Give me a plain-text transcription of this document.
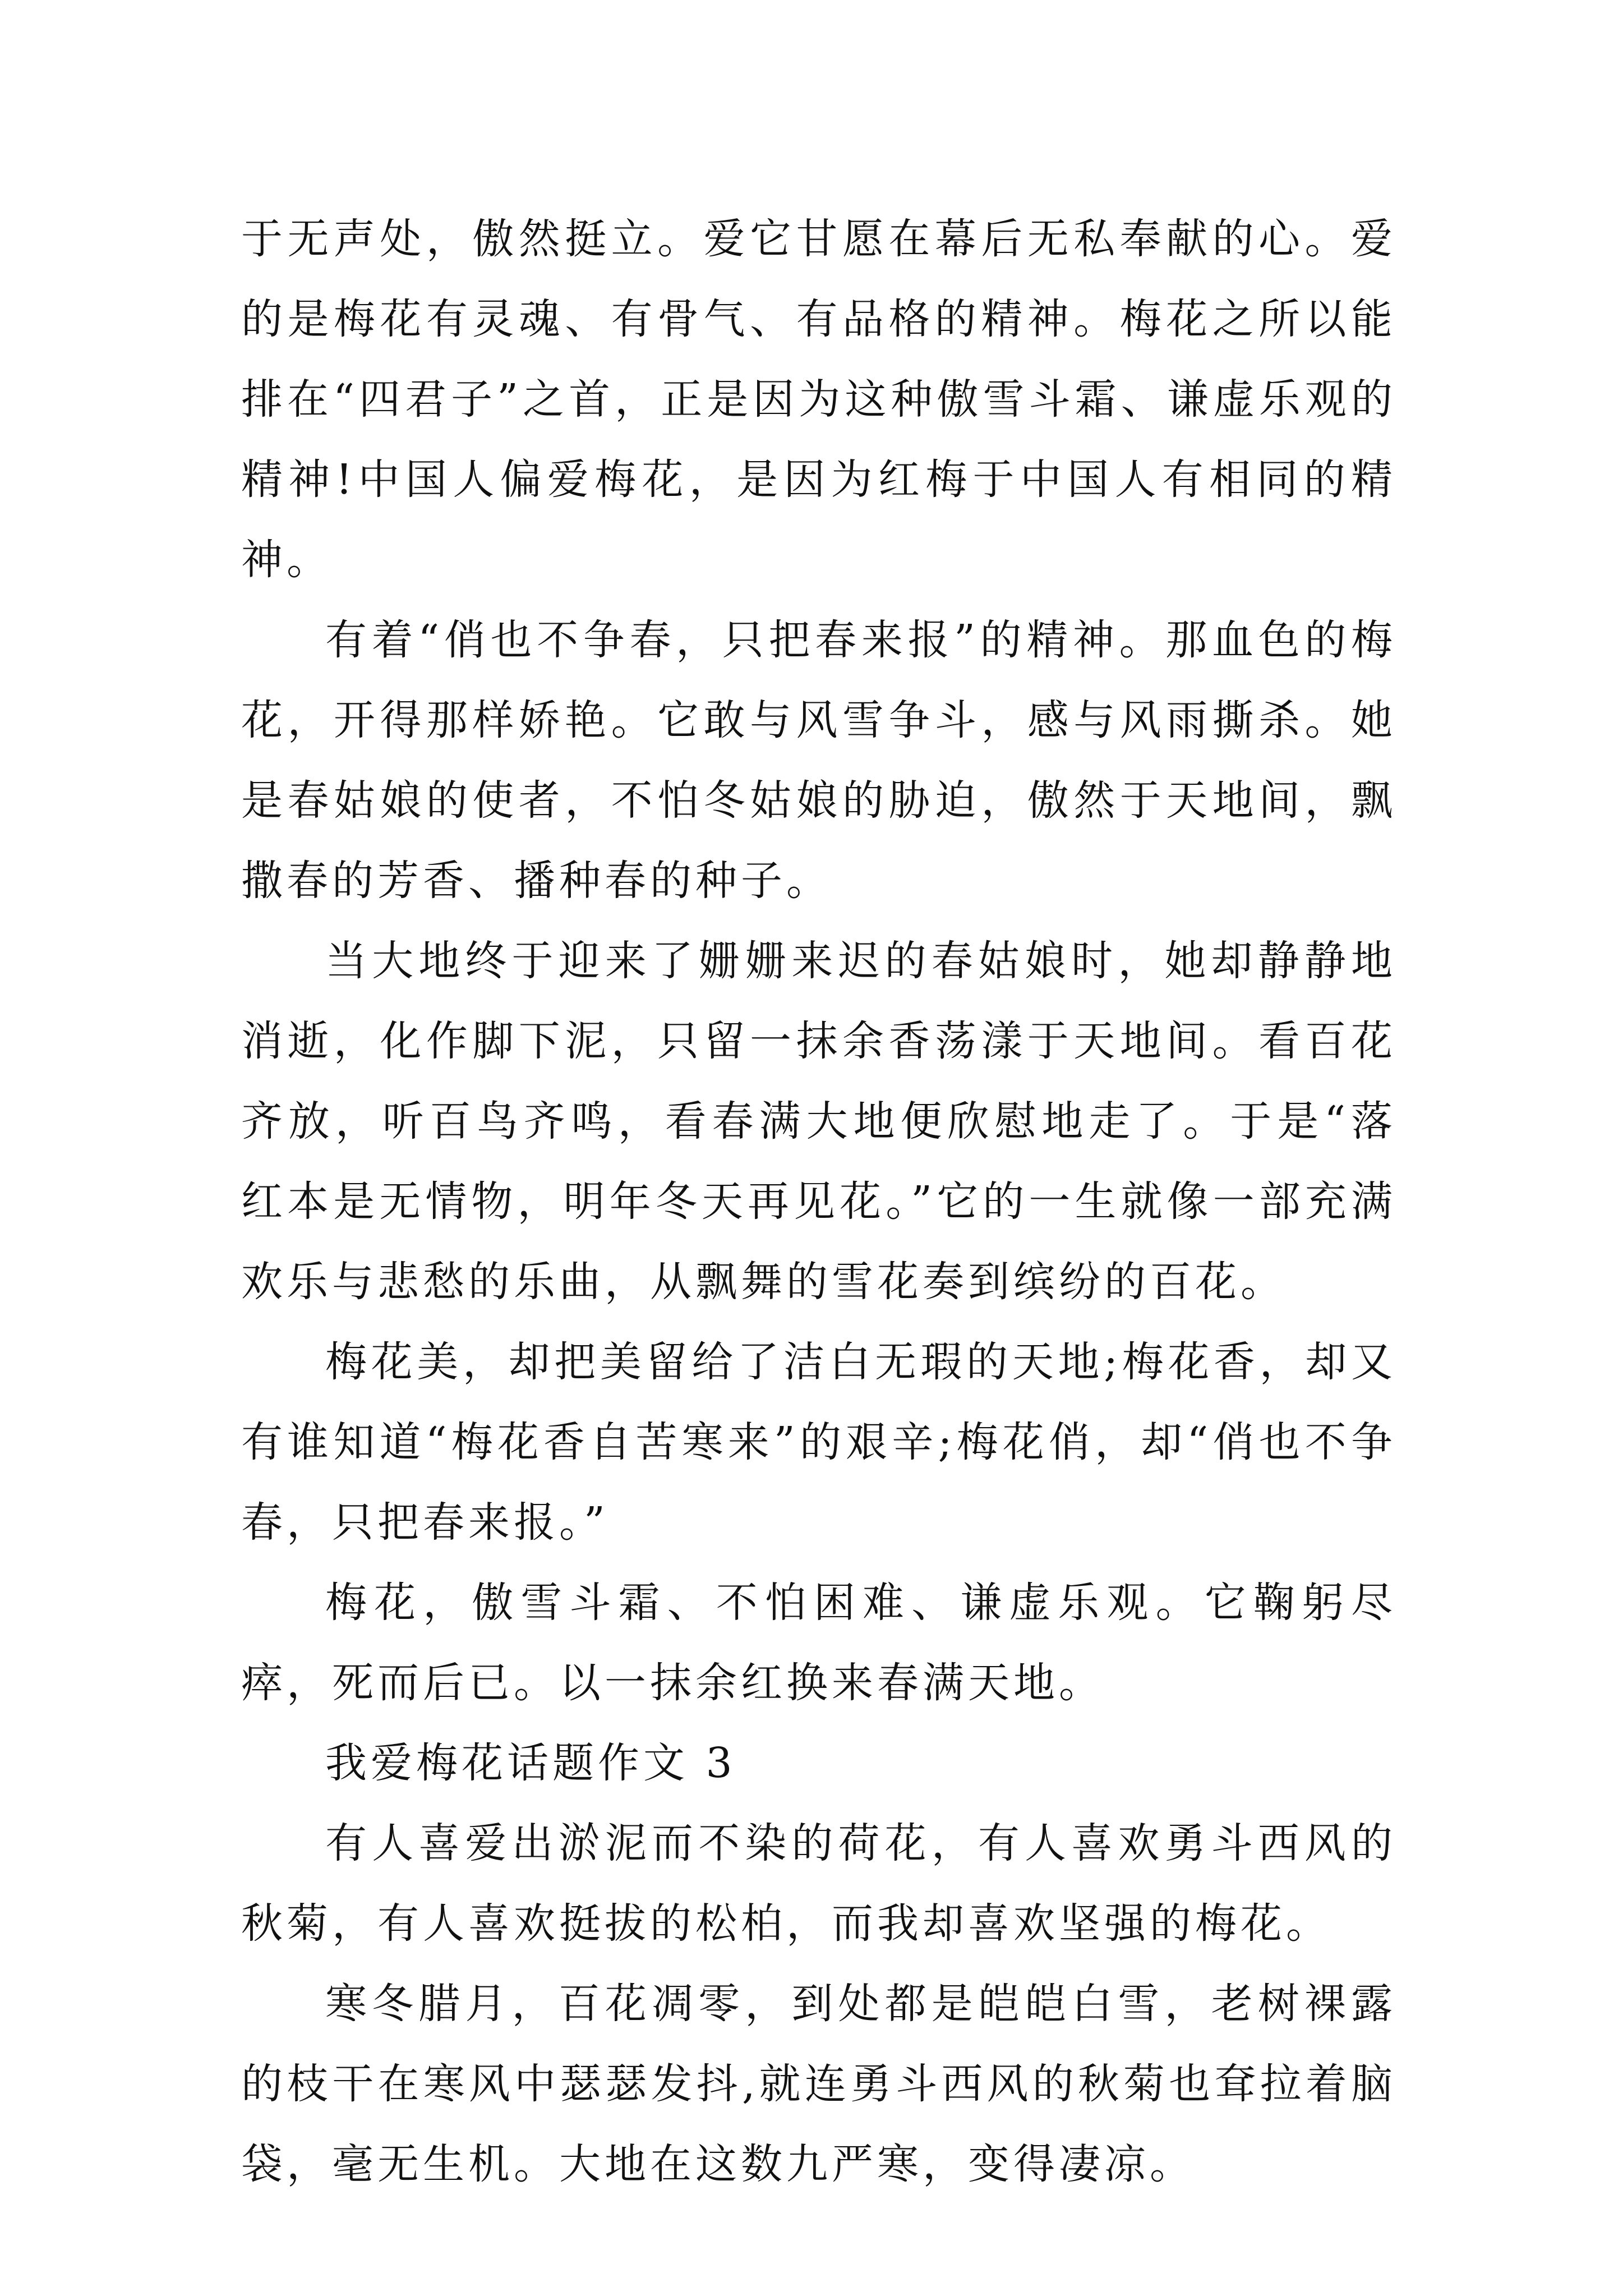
于无声处，傲然挺立。爱它甘愿在幕后无私奉献的心。爱的是梅花有灵魂、有骨气、有品格的精神。梅花之所以能排在“四君子”之首，正是因为这种傲雪斗霜、谦虚乐观的精神!中国人偏爱梅花，是因为红梅于中国人有相同的精神。

有着“俏也不争春，只把春来报”的精神。那血色的梅花，开得那样娇艳。它敢与风雪争斗，感与风雨撕杀。她是春姑娘的使者，不怕冬姑娘的胁迫，傲然于天地间，飘撒春的芳香、播种春的种子。

当大地终于迎来了姗姗来迟的春姑娘时，她却静静地消逝，化作脚下泥，只留一抹余香荡漾于天地间。看百花齐放，听百鸟齐鸣，看春满大地便欣慰地走了。于是“落红本是无情物，明年冬天再见花。”它的一生就像一部充满欢乐与悲愁的乐曲，从飘舞的雪花奏到缤纷的百花。

梅花美，却把美留给了洁白无瑕的天地;梅花香，却又有谁知道“梅花香自苦寒来”的艰辛;梅花俏，却“俏也不争春，只把春来报。”

梅花，傲雪斗霜、不怕困难、谦虚乐观。它鞠躬尽瘁，死而后已。以一抹余红换来春满天地。

我爱梅花话题作文 3

有人喜爱出淤泥而不染的荷花，有人喜欢勇斗西风的秋菊，有人喜欢挺拔的松柏，而我却喜欢坚强的梅花。

寒冬腊月，百花凋零，到处都是皑皑白雪，老树裸露的枝干在寒风中瑟瑟发抖,就连勇斗西风的秋菊也耷拉着脑袋，毫无生机。大地在这数九严寒，变得凄凉。
